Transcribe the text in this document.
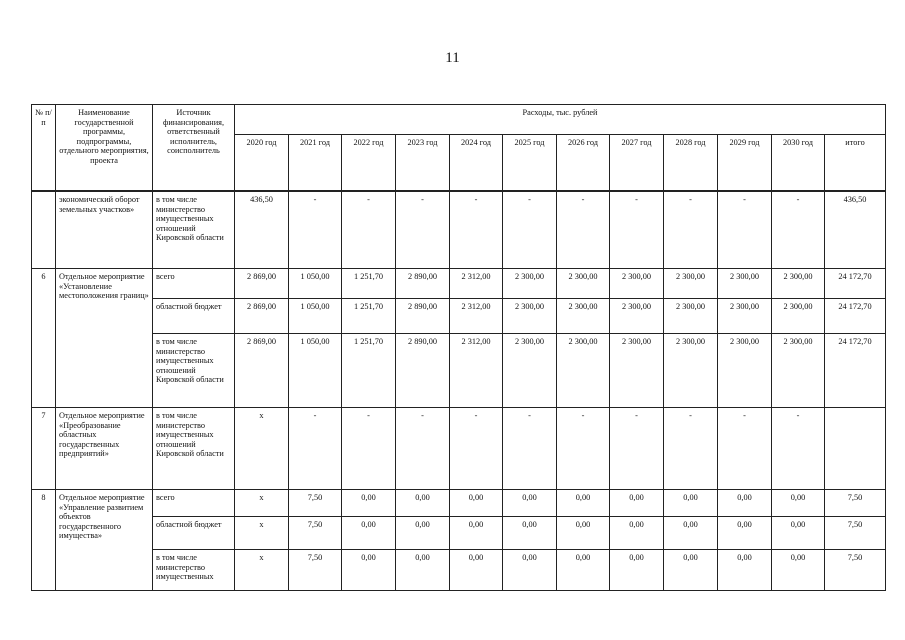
11
№ п/п	Наименование государственной программы, подпрограммы, отдельного мероприятия, проекта	Источник финансирования, ответственный исполнитель, соисполнитель	Расходы, тыс. рублей											
			2020 год	2021 год	2022 год	2023 год	2024 год	2025 год	2026 год	2027 год	2028 год	2029 год	2030 год	итого

	экономический оборот земельных участков»	в том числе министерство имущественных отношений Кировской области	436,50	-	-	-	-	-	-	-	-	-	-	436,50
6	Отдельное мероприятие «Установление местоположения границ»	всего	2 869,00	1 050,00	1 251,70	2 890,00	2 312,00	2 300,00	2 300,00	2 300,00	2 300,00	2 300,00	2 300,00	24 172,70
		областной бюджет	2 869,00	1 050,00	1 251,70	2 890,00	2 312,00	2 300,00	2 300,00	2 300,00	2 300,00	2 300,00	2 300,00	24 172,70
		в том числе министерство имущественных отношений Кировской области	2 869,00	1 050,00	1 251,70	2 890,00	2 312,00	2 300,00	2 300,00	2 300,00	2 300,00	2 300,00	2 300,00	24 172,70
7	Отдельное мероприятие «Преобразование областных государственных предприятий»	в том числе министерство имущественных отношений Кировской области	x	-	-	-	-	-	-	-	-	-	-	
8	Отдельное мероприятие «Управление развитием объектов государственного имущества»	всего	x	7,50	0,00	0,00	0,00	0,00	0,00	0,00	0,00	0,00	0,00	7,50
		областной бюджет	x	7,50	0,00	0,00	0,00	0,00	0,00	0,00	0,00	0,00	0,00	7,50
		в том числе министерство имущественных	x	7,50	0,00	0,00	0,00	0,00	0,00	0,00	0,00	0,00	0,00	7,50
